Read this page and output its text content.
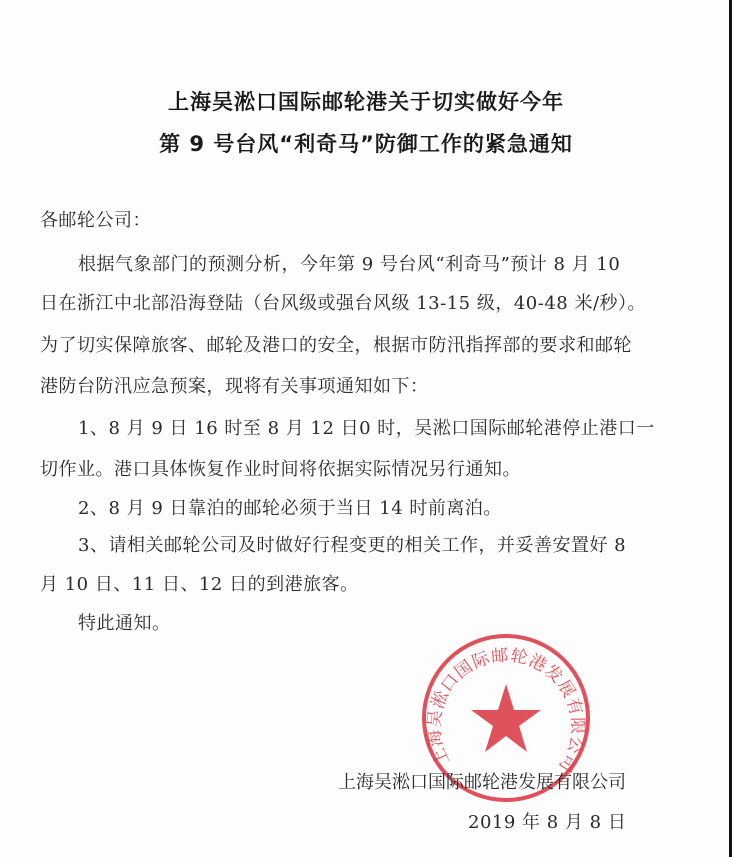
上海吴淞口国际邮轮港关于切实做好今年
第 9 号台风“利奇马”防御工作的紧急通知
各邮轮公司：
根据气象部门的预测分析，今年第 9 号台风“利奇马”预计 8 月 10
日在浙江中北部沿海登陆（台风级或强台风级 13-15 级，40-48 米/秒）。
为了切实保障旅客、邮轮及港口的安全，根据市防汛指挥部的要求和邮轮
港防台防汛应急预案，现将有关事项通知如下：
1、8 月 9 日 16 时至 8 月 12 日0 时，吴淞口国际邮轮港停止港口一
切作业。港口具体恢复作业时间将依据实际情况另行通知。
2、8 月 9 日靠泊的邮轮必须于当日 14 时前离泊。
3、请相关邮轮公司及时做好行程变更的相关工作，并妥善安置好 8
月 10 日、11 日、12 日的到港旅客。
特此通知。
上海吴淞口国际邮轮港发展有限公司
上海吴淞口国际邮轮港发展有限公司
2019 年 8 月 8 日
